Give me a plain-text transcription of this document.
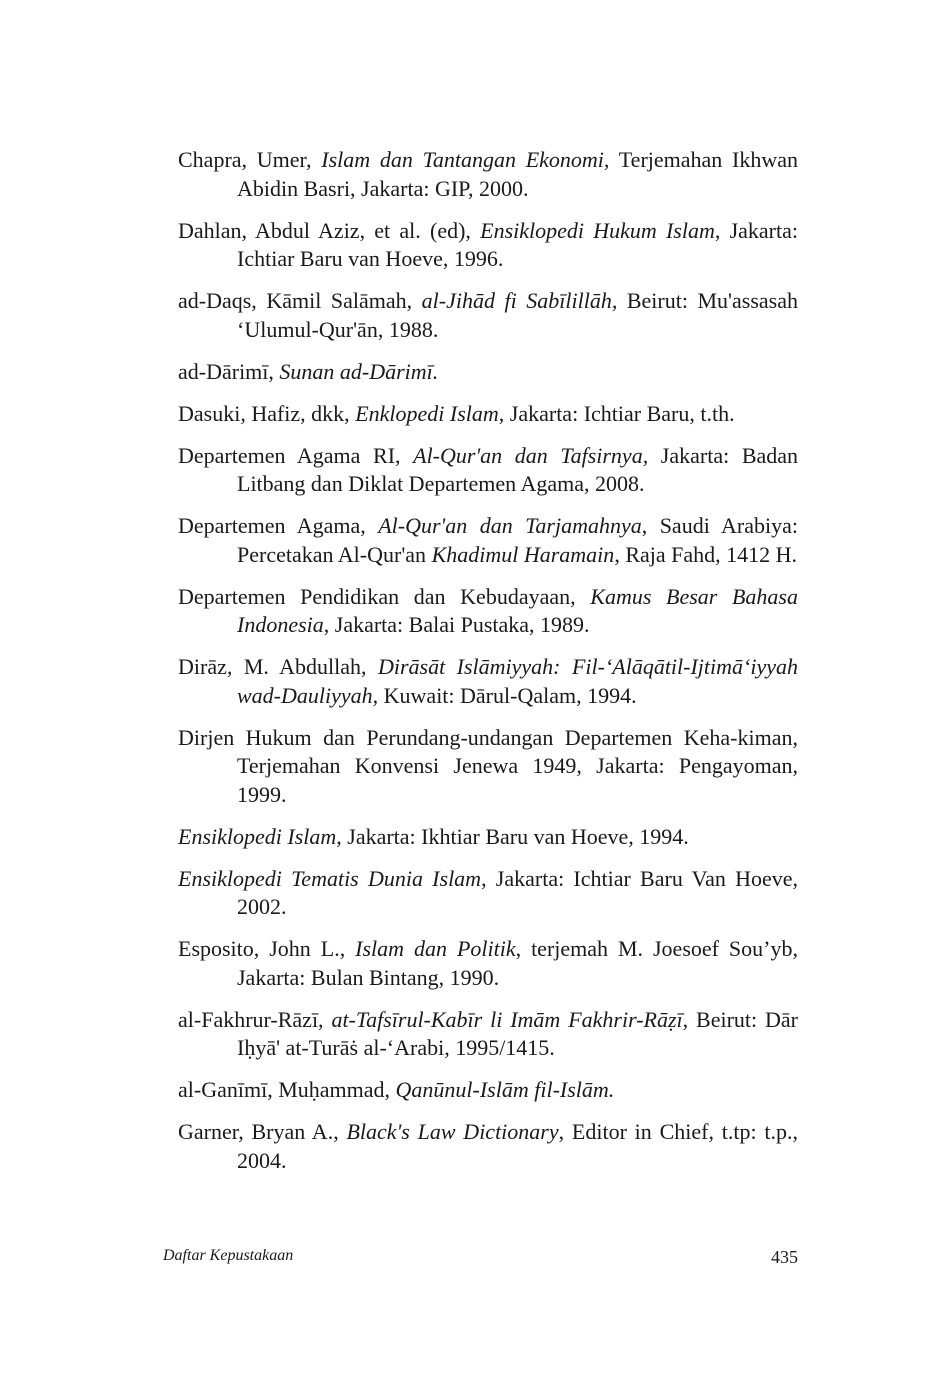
Chapra, Umer, Islam dan Tantangan Ekonomi, Terjemahan Ikhwan Abidin Basri, Jakarta: GIP, 2000.

Dahlan, Abdul Aziz, et al. (ed), Ensiklopedi Hukum Islam, Jakarta: Ichtiar Baru van Hoeve, 1996.

ad-Daqs, Kāmil Salāmah, al-Jihād fi Sabīlillāh, Beirut: Mu'assasah ‘Ulumul-Qur'ān, 1988.

ad-Dārimī, Sunan ad-Dārimī.

Dasuki, Hafiz, dkk, Enklopedi Islam, Jakarta: Ichtiar Baru, t.th.

Departemen Agama RI, Al-Qur'an dan Tafsirnya, Jakarta: Badan Litbang dan Diklat Departemen Agama, 2008.

Departemen Agama, Al-Qur'an dan Tarjamahnya, Saudi Arabiya: Percetakan Al-Qur'an Khadimul Haramain, Raja Fahd, 1412 H.

Departemen Pendidikan dan Kebudayaan, Kamus Besar Bahasa Indonesia, Jakarta: Balai Pustaka, 1989.

Dirāz, M. Abdullah, Dirāsāt Islāmiyyah: Fil-‘Alāqātil-Ijtimā‘iyyah wad-Dauliyyah, Kuwait: Dārul-Qalam, 1994.

Dirjen Hukum dan Perundang-undangan Departemen Keha-kiman, Terjemahan Konvensi Jenewa 1949, Jakarta: Pengayoman, 1999.

Ensiklopedi Islam, Jakarta: Ikhtiar Baru van Hoeve, 1994.

Ensiklopedi Tematis Dunia Islam, Jakarta: Ichtiar Baru Van Hoeve, 2002.

Esposito, John L., Islam dan Politik, terjemah M. Joesoef Sou’yb, Jakarta: Bulan Bintang, 1990.

al-Fakhrur-Rāzī, at-Tafsīrul-Kabīr li Imām Fakhrir-Rāẓī, Beirut: Dār Iḥyā' at-Turāṡ al-‘Arabi, 1995/1415.

al-Ganīmī, Muḥammad, Qanūnul-Islām fil-Islām.

Garner, Bryan A., Black's Law Dictionary, Editor in Chief, t.tp: t.p., 2004.

Daftar Kepustakaan	435
